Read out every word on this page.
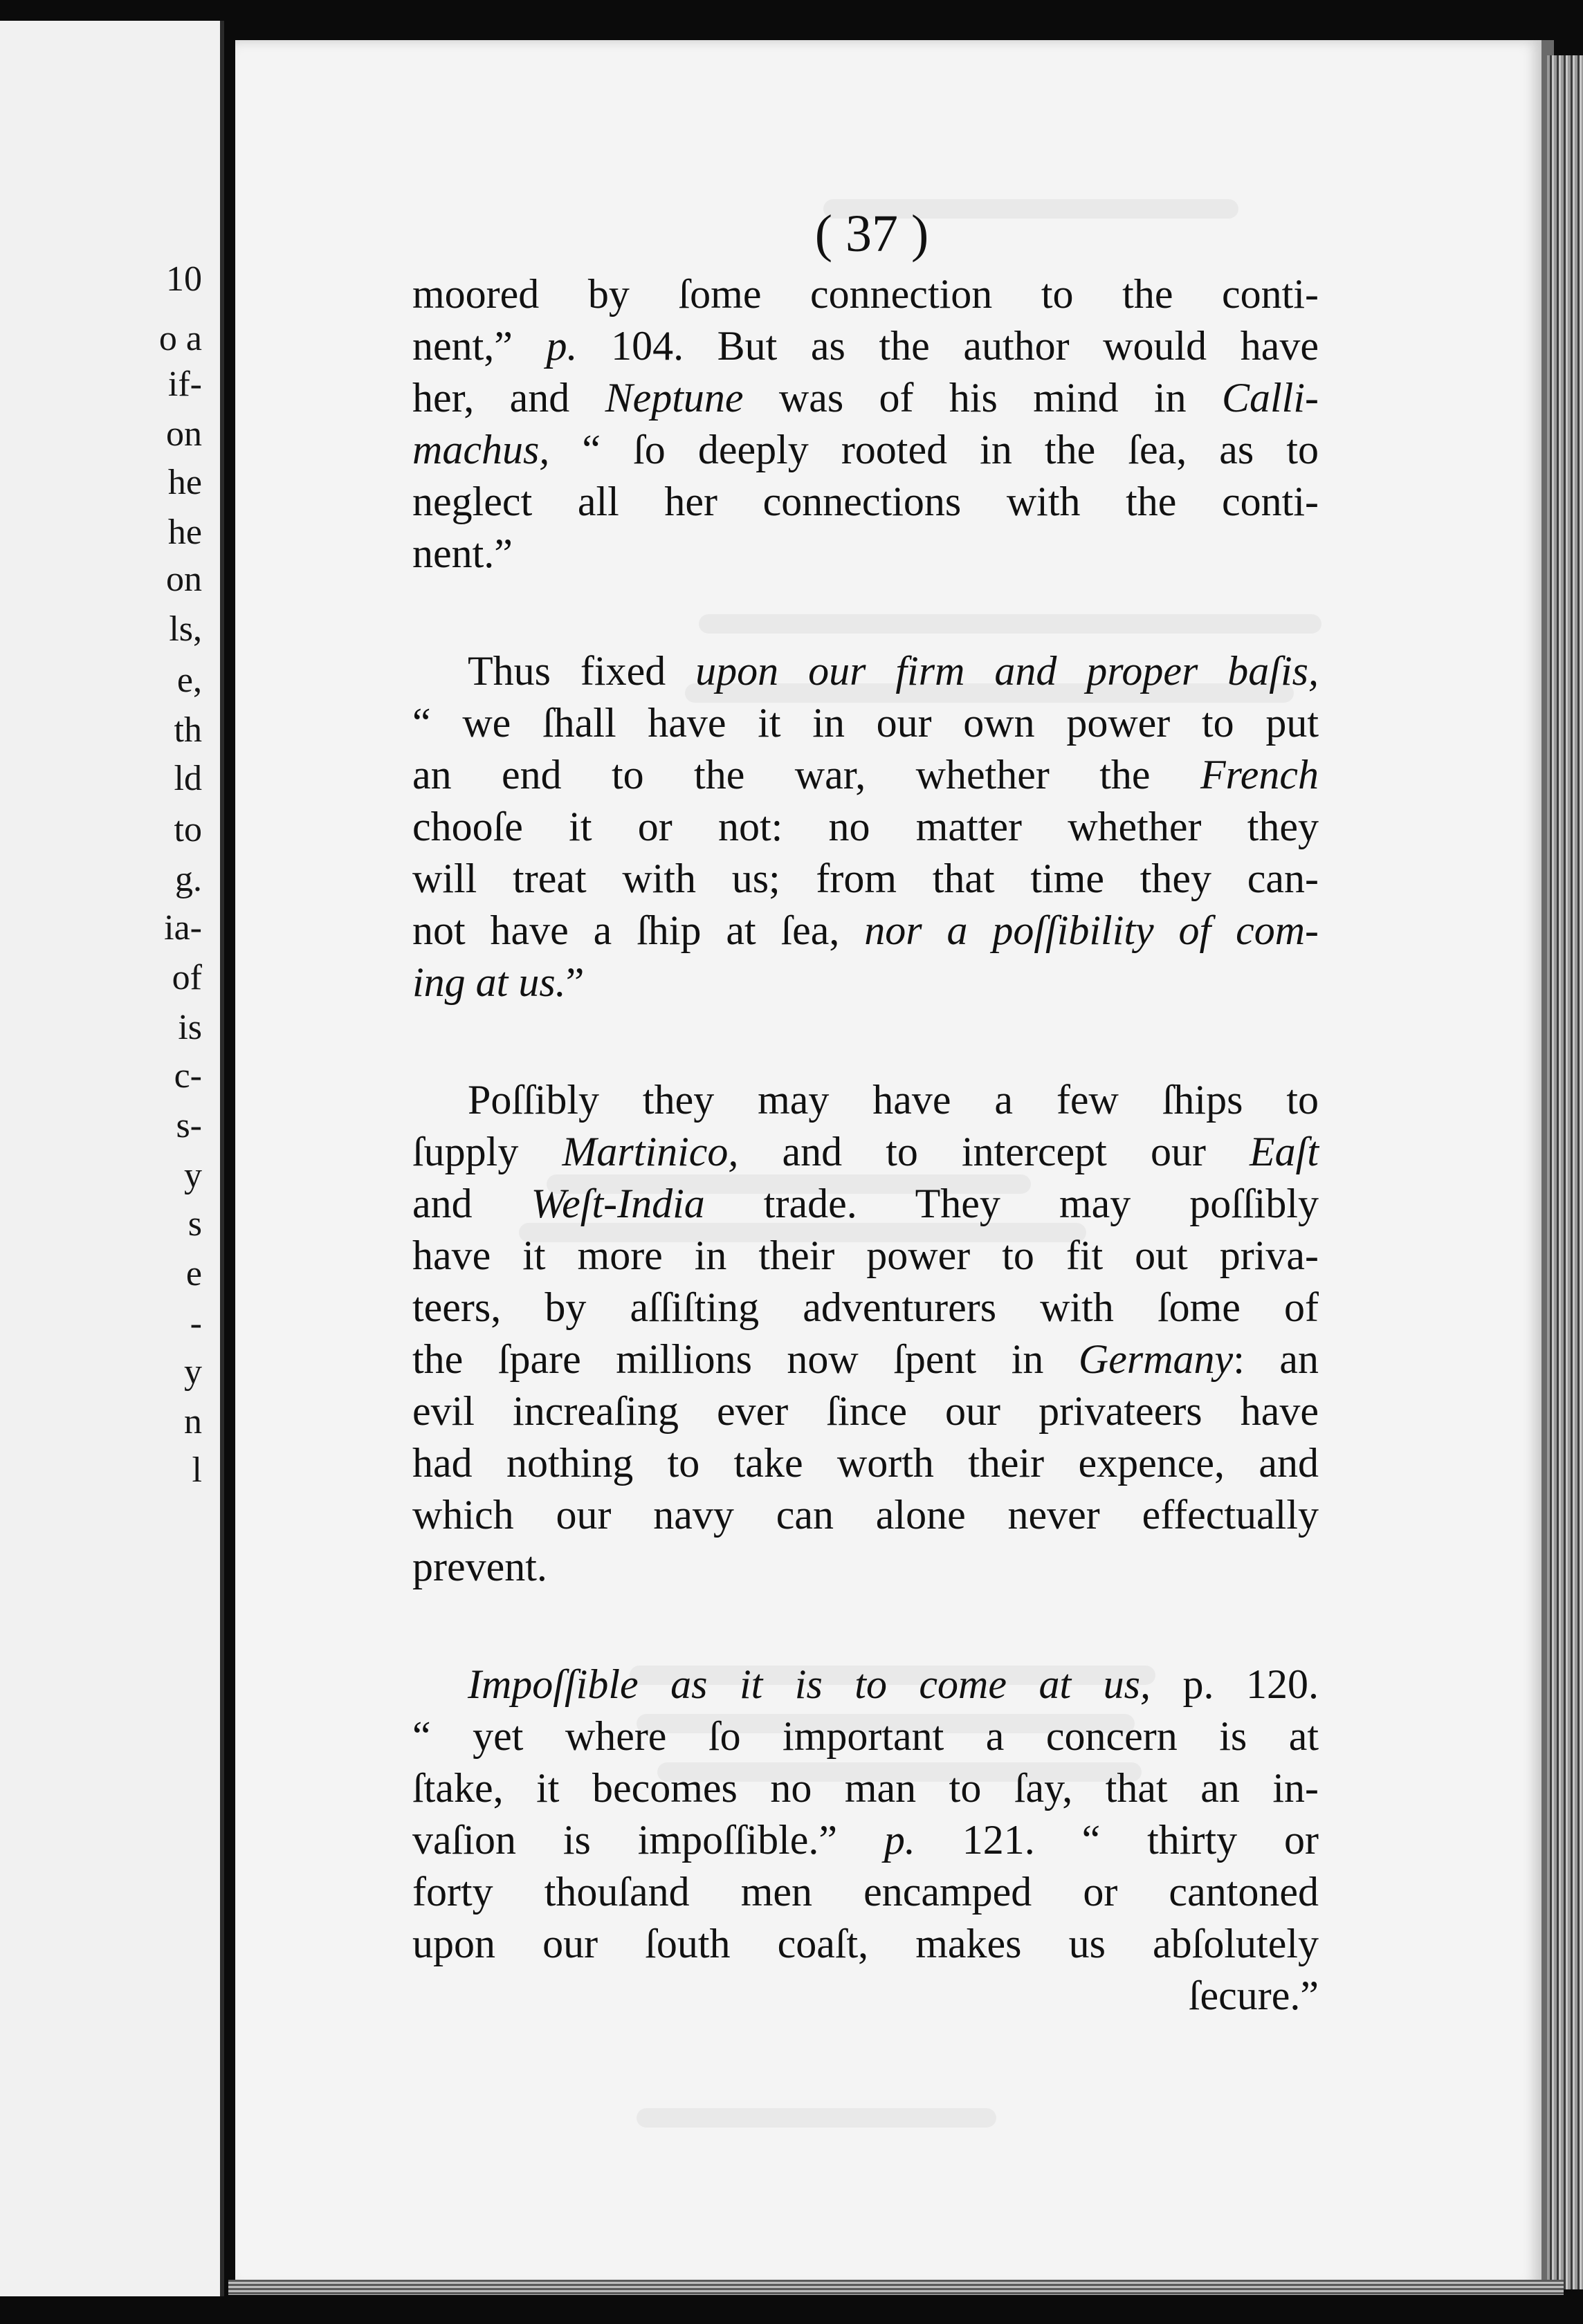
10
o a
if-
on
he
he
on
ls,
e,
th
ld
to
g.
ia-
of
is
c-
s-
y
s
e
-
y
n
l
( 37 )
moored by ſome connection to the conti-
nent,” p. 104. But as the author would have
her, and Neptune was of his mind in Calli-
machus, “ ſo deeply rooted in the ſea, as to
neglect all her connections with the conti-
nent.”
Thus fixed upon our firm and proper baſis,
“ we ſhall have it in our own power to put
an end to the war, whether the French
chooſe it or not: no matter whether they
will treat with us; from that time they can-
not have a ſhip at ſea, nor a poſſibility of com-
ing at us.”
Poſſibly they may have a few ſhips to
ſupply Martinico, and to intercept our Eaſt
and Weſt-India trade. They may poſſibly
have it more in their power to fit out priva-
teers, by aſſiſting adventurers with ſome of
the ſpare millions now ſpent in Germany: an
evil increaſing ever ſince our privateers have
had nothing to take worth their expence, and
which our navy can alone never effectually
prevent.
Impoſſible as it is to come at us, p. 120.
“ yet where ſo important a concern is at
ſtake, it becomes no man to ſay, that an in-
vaſion is impoſſible.” p. 121. “ thirty or
forty thouſand men encamped or cantoned
upon our ſouth coaſt, makes us abſolutely
ſecure.”
